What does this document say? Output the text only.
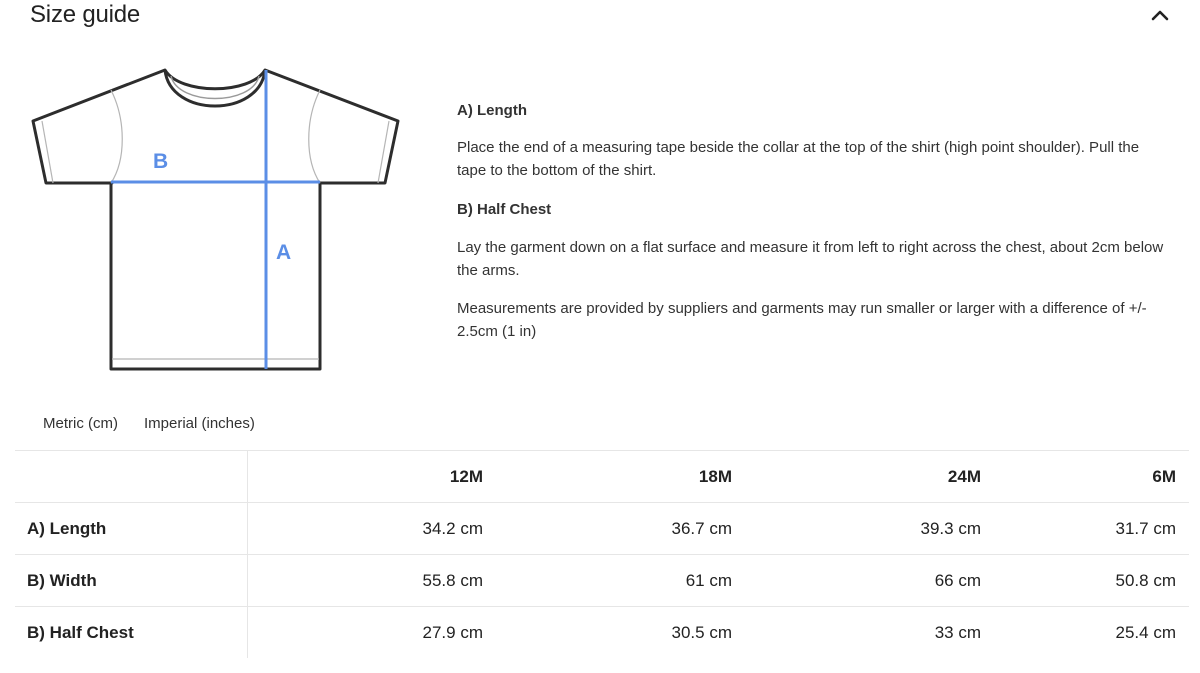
Size guide
B
A

A) Length

Place the end of a measuring tape beside the collar at the top of the shirt (high point shoulder). Pull the tape to the bottom of the shirt.

B) Half Chest

Lay the garment down on a flat surface and measure it from left to right across the chest, about 2cm below the arms.

Measurements are provided by suppliers and garments may run smaller or larger with a difference of +/- 2.5cm (1 in)

Metric (cm)	Imperial (inches)
	12M	18M	24M	6M
A) Length	34.2 cm	36.7 cm	39.3 cm	31.7 cm
B) Width	55.8 cm	61 cm	66 cm	50.8 cm
B) Half Chest	27.9 cm	30.5 cm	33 cm	25.4 cm
